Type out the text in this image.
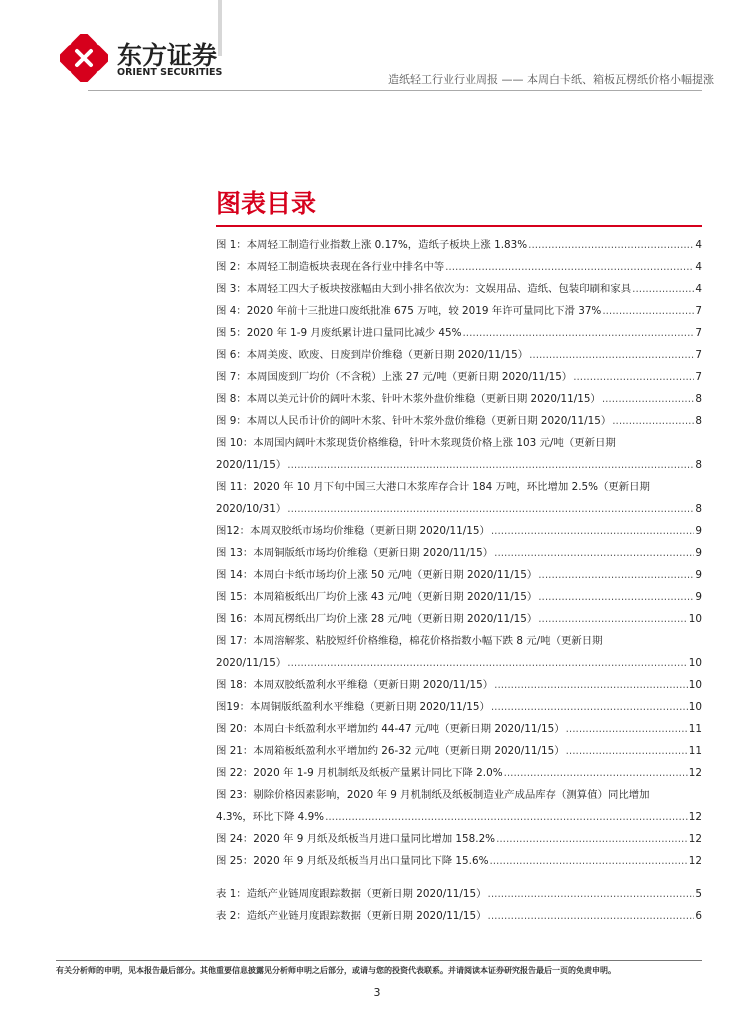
东方证券
ORIENT SECURITIES
造纸轻工行业行业周报 —— 本周白卡纸、箱板瓦楞纸价格小幅提涨
图表目录
图 1：本周轻工制造行业指数上涨 0.17%，造纸子板块上涨 1.83% .....	4
图 2：本周轻工制造板块表现在各行业中排名中等 .....	4
图 3：本周轻工四大子板块按涨幅由大到小排名依次为：文娱用品、造纸、包装印刷和家具 .....	4
图 4：2020 年前十三批进口废纸批准 675 万吨，较 2019 年许可量同比下滑 37% .....	7
图 5：2020 年 1-9 月废纸累计进口量同比减少 45% .....	7
图 6：本周美废、欧废、日废到岸价维稳（更新日期 2020/11/15） .....	7
图 7：本周国废到厂均价（不含税）上涨 27 元/吨（更新日期 2020/11/15） .....	7
图 8：本周以美元计价的阔叶木浆、针叶木浆外盘价维稳（更新日期 2020/11/15） .....	8
图 9：本周以人民币计价的阔叶木浆、针叶木浆外盘价维稳（更新日期 2020/11/15） .....	8
图 10：本周国内阔叶木浆现货价格维稳，针叶木浆现货价格上涨 103 元/吨（更新日期
2020/11/15） .....	8
图 11：2020 年 10 月下旬中国三大港口木浆库存合计 184 万吨，环比增加 2.5%（更新日期
2020/10/31） .....	8
图12：本周双胶纸市场均价维稳（更新日期 2020/11/15） .....	9
图 13：本周铜版纸市场均价维稳（更新日期 2020/11/15） .....	9
图 14：本周白卡纸市场均价上涨 50 元/吨（更新日期 2020/11/15） .....	9
图 15：本周箱板纸出厂均价上涨 43 元/吨（更新日期 2020/11/15） .....	9
图 16：本周瓦楞纸出厂均价上涨 28 元/吨（更新日期 2020/11/15） .....	10
图 17：本周溶解浆、粘胶短纤价格维稳，棉花价格指数小幅下跌 8 元/吨（更新日期
2020/11/15） .....	10
图 18：本周双胶纸盈利水平维稳（更新日期 2020/11/15） .....	10
图19：本周铜版纸盈利水平维稳（更新日期 2020/11/15） .....	10
图 20：本周白卡纸盈利水平增加约 44-47 元/吨（更新日期 2020/11/15） .....	11
图 21：本周箱板纸盈利水平增加约 26-32 元/吨（更新日期 2020/11/15） .....	11
图 22：2020 年 1-9 月机制纸及纸板产量累计同比下降 2.0% .....	12
图 23：剔除价格因素影响，2020 年 9 月机制纸及纸板制造业产成品库存（测算值）同比增加
4.3%，环比下降 4.9% .....	12
图 24：2020 年 9 月纸及纸板当月进口量同比增加 158.2% .....	12
图 25：2020 年 9 月纸及纸板当月出口量同比下降 15.6% .....	12
表 1：造纸产业链周度跟踪数据（更新日期 2020/11/15） .....	5
表 2：造纸产业链月度跟踪数据（更新日期 2020/11/15） .....	6
有关分析师的申明，见本报告最后部分。其他重要信息披露见分析师申明之后部分，或请与您的投资代表联系。并请阅读本证券研究报告最后一页的免责申明。
3
